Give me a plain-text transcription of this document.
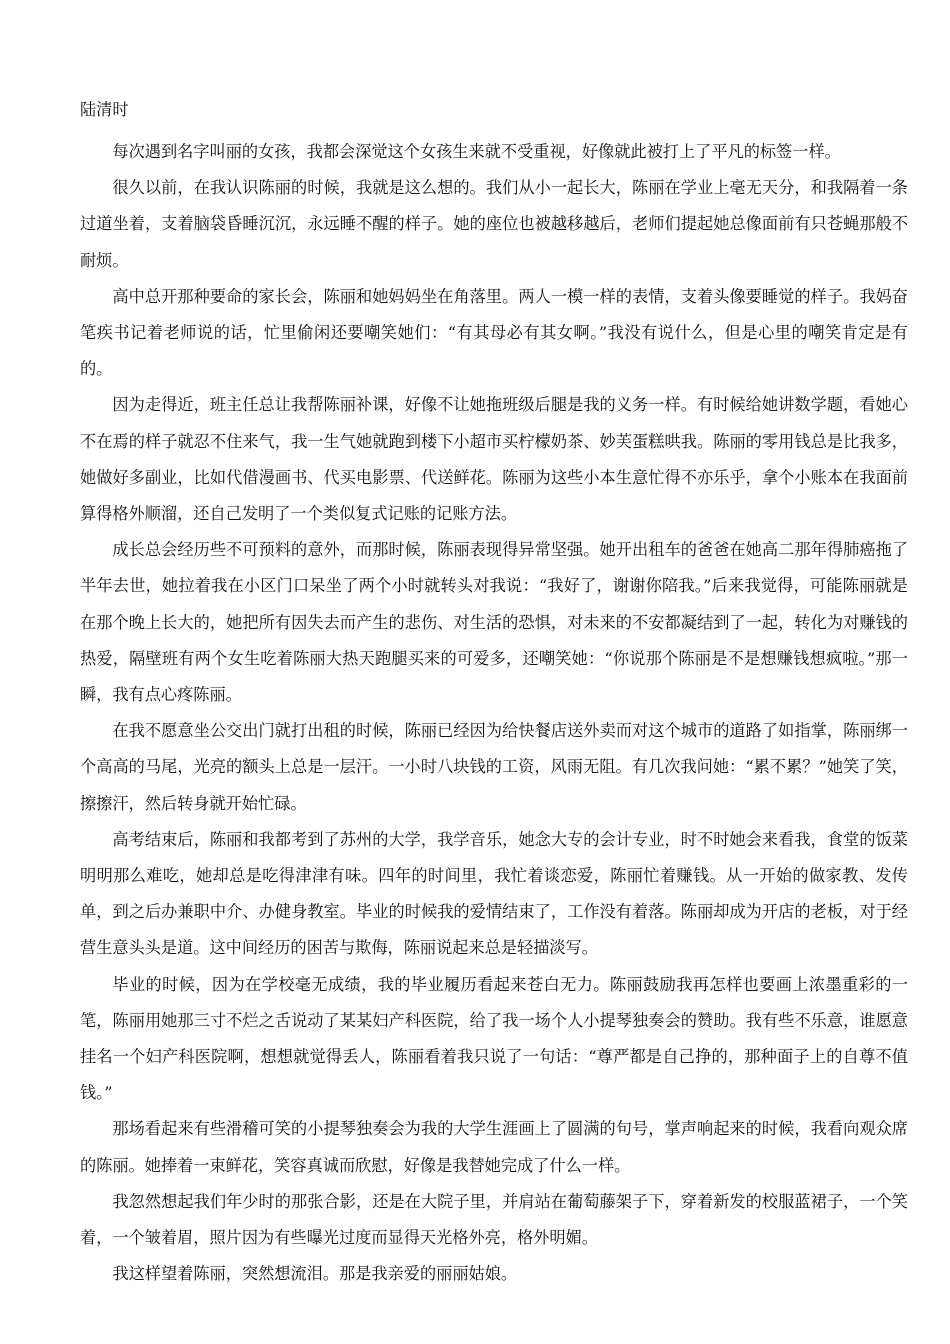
陆清时

每次遇到名字叫丽的女孩，我都会深觉这个女孩生来就不受重视，好像就此被打上了平凡的标签一样。

很久以前，在我认识陈丽的时候，我就是这么想的。我们从小一起长大，陈丽在学业上毫无天分，和我隔着一条过道坐着，支着脑袋昏睡沉沉，永远睡不醒的样子。她的座位也被越移越后，老师们提起她总像面前有只苍蝇那般不耐烦。

高中总开那种要命的家长会，陈丽和她妈妈坐在角落里。两人一模一样的表情，支着头像要睡觉的样子。我妈奋笔疾书记着老师说的话，忙里偷闲还要嘲笑她们：“有其母必有其女啊。”我没有说什么，但是心里的嘲笑肯定是有的。

因为走得近，班主任总让我帮陈丽补课，好像不让她拖班级后腿是我的义务一样。有时候给她讲数学题，看她心不在焉的样子就忍不住来气，我一生气她就跑到楼下小超市买柠檬奶茶、妙芙蛋糕哄我。陈丽的零用钱总是比我多，她做好多副业，比如代借漫画书、代买电影票、代送鲜花。陈丽为这些小本生意忙得不亦乐乎，拿个小账本在我面前算得格外顺溜，还自己发明了一个类似复式记账的记账方法。

成长总会经历些不可预料的意外，而那时候，陈丽表现得异常坚强。她开出租车的爸爸在她高二那年得肺癌拖了半年去世，她拉着我在小区门口呆坐了两个小时就转头对我说：“我好了，谢谢你陪我。”后来我觉得，可能陈丽就是在那个晚上长大的，她把所有因失去而产生的悲伤、对生活的恐惧，对未来的不安都凝结到了一起，转化为对赚钱的热爱，隔壁班有两个女生吃着陈丽大热天跑腿买来的可爱多，还嘲笑她：“你说那个陈丽是不是想赚钱想疯啦。”那一瞬，我有点心疼陈丽。

在我不愿意坐公交出门就打出租的时候，陈丽已经因为给快餐店送外卖而对这个城市的道路了如指掌，陈丽绑一个高高的马尾，光亮的额头上总是一层汗。一小时八块钱的工资，风雨无阻。有几次我问她：“累不累？”她笑了笑，擦擦汗，然后转身就开始忙碌。

高考结束后，陈丽和我都考到了苏州的大学，我学音乐，她念大专的会计专业，时不时她会来看我，食堂的饭菜明明那么难吃，她却总是吃得津津有味。四年的时间里，我忙着谈恋爱，陈丽忙着赚钱。从一开始的做家教、发传单，到之后办兼职中介、办健身教室。毕业的时候我的爱情结束了，工作没有着落。陈丽却成为开店的老板，对于经营生意头头是道。这中间经历的困苦与欺侮，陈丽说起来总是轻描淡写。

毕业的时候，因为在学校毫无成绩，我的毕业履历看起来苍白无力。陈丽鼓励我再怎样也要画上浓墨重彩的一笔，陈丽用她那三寸不烂之舌说动了某某妇产科医院，给了我一场个人小提琴独奏会的赞助。我有些不乐意，谁愿意挂名一个妇产科医院啊，想想就觉得丢人，陈丽看着我只说了一句话：“尊严都是自己挣的，那种面子上的自尊不值钱。”

那场看起来有些滑稽可笑的小提琴独奏会为我的大学生涯画上了圆满的句号，掌声响起来的时候，我看向观众席的陈丽。她捧着一束鲜花，笑容真诚而欣慰，好像是我替她完成了什么一样。

我忽然想起我们年少时的那张合影，还是在大院子里，并肩站在葡萄藤架子下，穿着新发的校服蓝裙子，一个笑着，一个皱着眉，照片因为有些曝光过度而显得天光格外亮，格外明媚。

我这样望着陈丽，突然想流泪。那是我亲爱的丽丽姑娘。
